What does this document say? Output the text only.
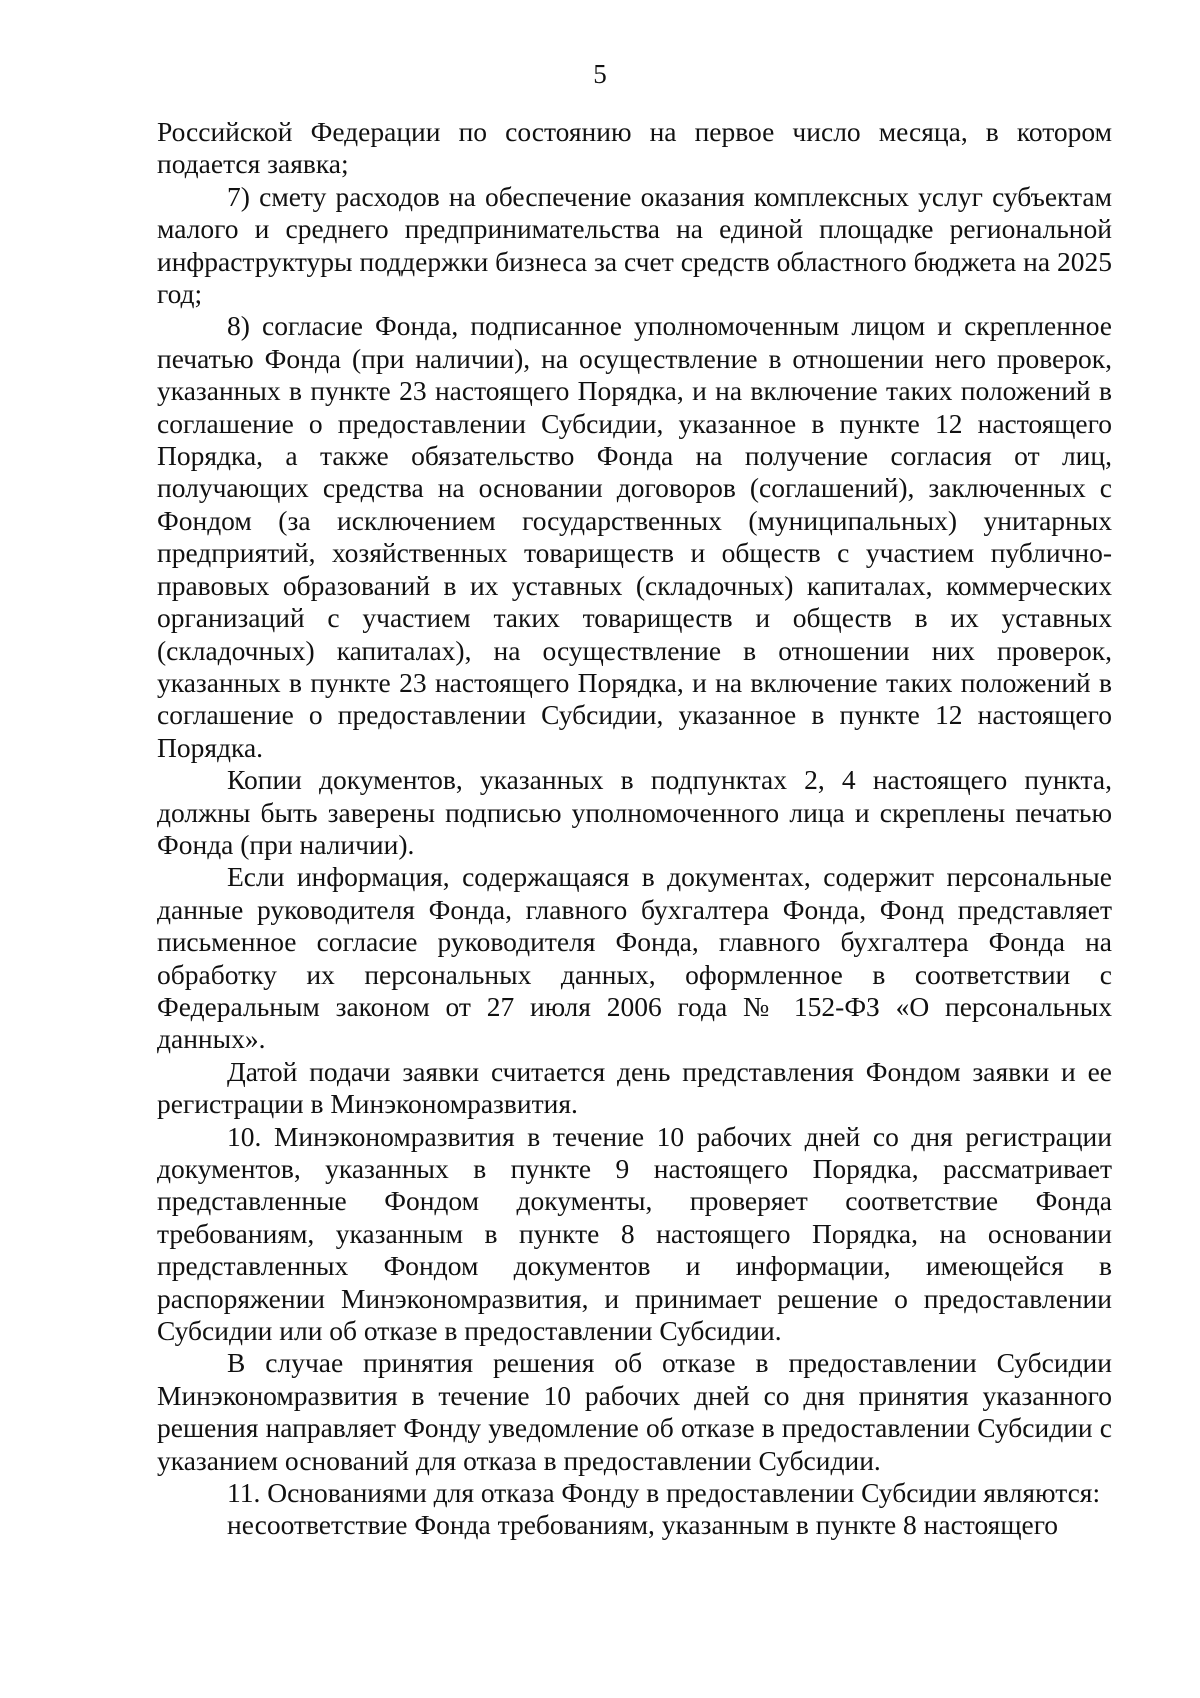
5

Российской Федерации по состоянию на первое число месяца, в котором подается заявка;

7) смету расходов на обеспечение оказания комплексных услуг субъектам малого и среднего предпринимательства на единой площадке региональной инфраструктуры поддержки бизнеса за счет средств областного бюджета на 2025 год;

8) согласие Фонда, подписанное уполномоченным лицом и скрепленное печатью Фонда (при наличии), на осуществление в отношении него проверок, указанных в пункте 23 настоящего Порядка, и на включение таких положений в соглашение о предоставлении Субсидии, указанное в пункте 12 настоящего Порядка, а также обязательство Фонда на получение согласия от лиц, получающих средства на основании договоров (соглашений), заключенных с Фондом (за исключением государственных (муниципальных) унитарных предприятий, хозяйственных товариществ и обществ с участием публично-правовых образований в их уставных (складочных) капиталах, коммерческих организаций с участием таких товариществ и обществ в их уставных (складочных) капиталах), на осуществление в отношении них проверок, указанных в пункте 23 настоящего Порядка, и на включение таких положений в соглашение о предоставлении Субсидии, указанное в пункте 12 настоящего Порядка.

Копии документов, указанных в подпунктах 2, 4 настоящего пункта, должны быть заверены подписью уполномоченного лица и скреплены печатью Фонда (при наличии).

Если информация, содержащаяся в документах, содержит персональные данные руководителя Фонда, главного бухгалтера Фонда, Фонд представляет письменное согласие руководителя Фонда, главного бухгалтера Фонда на обработку их персональных данных, оформленное в соответствии с Федеральным законом от 27 июля 2006 года № 152-ФЗ «О персональных данных».

Датой подачи заявки считается день представления Фондом заявки и ее регистрации в Минэкономразвития.

10. Минэкономразвития в течение 10 рабочих дней со дня регистрации документов, указанных в пункте 9 настоящего Порядка, рассматривает представленные Фондом документы, проверяет соответствие Фонда требованиям, указанным в пункте 8 настоящего Порядка, на основании представленных Фондом документов и информации, имеющейся в распоряжении Минэкономразвития, и принимает решение о предоставлении Субсидии или об отказе в предоставлении Субсидии.

В случае принятия решения об отказе в предоставлении Субсидии Минэкономразвития в течение 10 рабочих дней со дня принятия указанного решения направляет Фонду уведомление об отказе в предоставлении Субсидии с указанием оснований для отказа в предоставлении Субсидии.

11. Основаниями для отказа Фонду в предоставлении Субсидии являются:

несоответствие Фонда требованиям, указанным в пункте 8 настоящего
